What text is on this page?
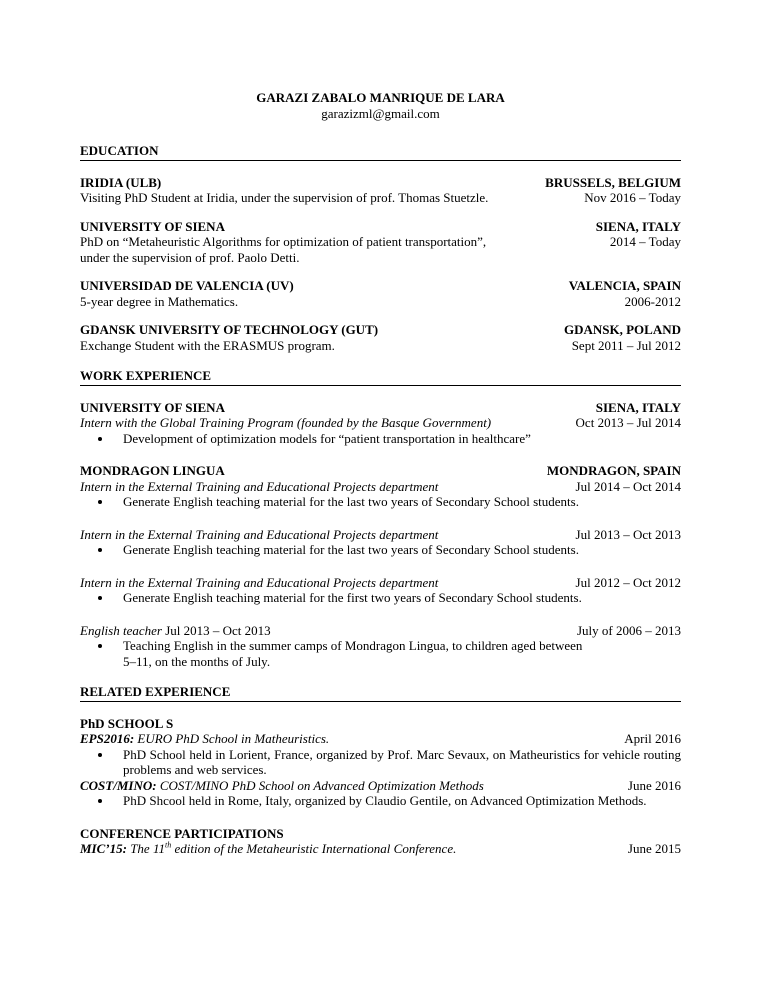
GARAZI ZABALO MANRIQUE DE LARA
garazizml@gmail.com
EDUCATION
IRIDIA (ULB)	BRUSSELS, BELGIUM
Visiting PhD Student at Iridia, under the supervision of prof. Thomas Stuetzle.	Nov 2016 – Today
UNIVERSITY OF SIENA	SIENA, ITALY
PhD on “Metaheuristic Algorithms for optimization of patient transportation”,	2014 – Today
under the supervision of prof. Paolo Detti.
UNIVERSIDAD DE VALENCIA (UV)	VALENCIA, SPAIN
5-year degree in Mathematics.	2006-2012
GDANSK UNIVERSITY OF TECHNOLOGY (GUT)	GDANSK, POLAND
Exchange Student with the ERASMUS program.	Sept 2011 – Jul 2012
WORK EXPERIENCE
UNIVERSITY OF SIENA	SIENA, ITALY
Intern with the Global Training Program (founded by the Basque Government)	Oct 2013 – Jul 2014
• Development of optimization models for “patient transportation in healthcare”
MONDRAGON LINGUA	MONDRAGON, SPAIN
Intern in the External Training and Educational Projects department	Jul 2014 – Oct 2014
• Generate English teaching material for the last two years of Secondary School students.
Intern in the External Training and Educational Projects department	Jul 2013 – Oct 2013
• Generate English teaching material for the last two years of Secondary School students.
Intern in the External Training and Educational Projects department	Jul 2012 – Oct 2012
• Generate English teaching material for the first two years of Secondary School students.
English teacher Jul 2013 – Oct 2013	July of 2006 – 2013
• Teaching English in the summer camps of Mondragon Lingua, to children aged between
5–11, on the months of July.
RELATED EXPERIENCE
PhD SCHOOL S
EPS2016: EURO PhD School in Matheuristics.	April 2016
• PhD School held in Lorient, France, organized by Prof. Marc Sevaux, on Matheuristics for vehicle routing problems and web services.
COST/MINO: COST/MINO PhD School on Advanced Optimization Methods	June 2016
• PhD Shcool held in Rome, Italy, organized by Claudio Gentile, on Advanced Optimization Methods.
CONFERENCE PARTICIPATIONS
MIC’15: The 11th edition of the Metaheuristic International Conference.	June 2015
